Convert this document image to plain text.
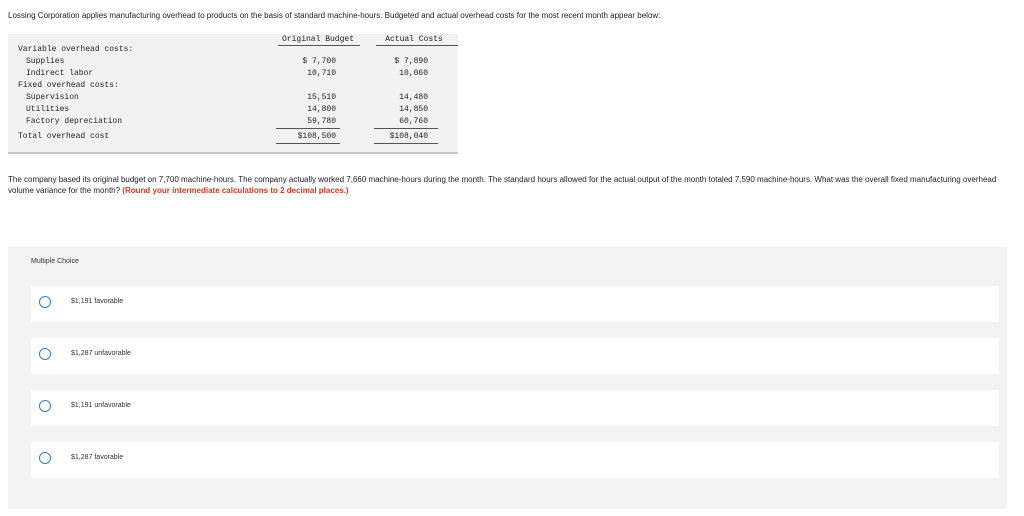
Lossing Corporation applies manufacturing overhead to products on the basis of standard machine-hours. Budgeted and actual overhead costs for the most recent month appear below:
Original Budget	Actual Costs
Variable overhead costs:
Supplies	$ 7,700	$ 7,890
Indirect labor	10,710	10,060
Fixed overhead costs:
Supervision	15,510	14,480
Utilities	14,800	14,850
Factory depreciation	59,780	60,760
Total overhead cost	$108,500	$108,040
The company based its original budget on 7,700 machine-hours. The company actually worked 7,660 machine-hours during the month. The standard hours allowed for the actual output of the month totaled 7,590 machine-hours. What was the overall fixed manufacturing overhead volume variance for the month? (Round your intermediate calculations to 2 decimal places.)
Multiple Choice
$1,191 favorable
$1,287 unfavorable
$1,191 unfavorable
$1,287 favorable
